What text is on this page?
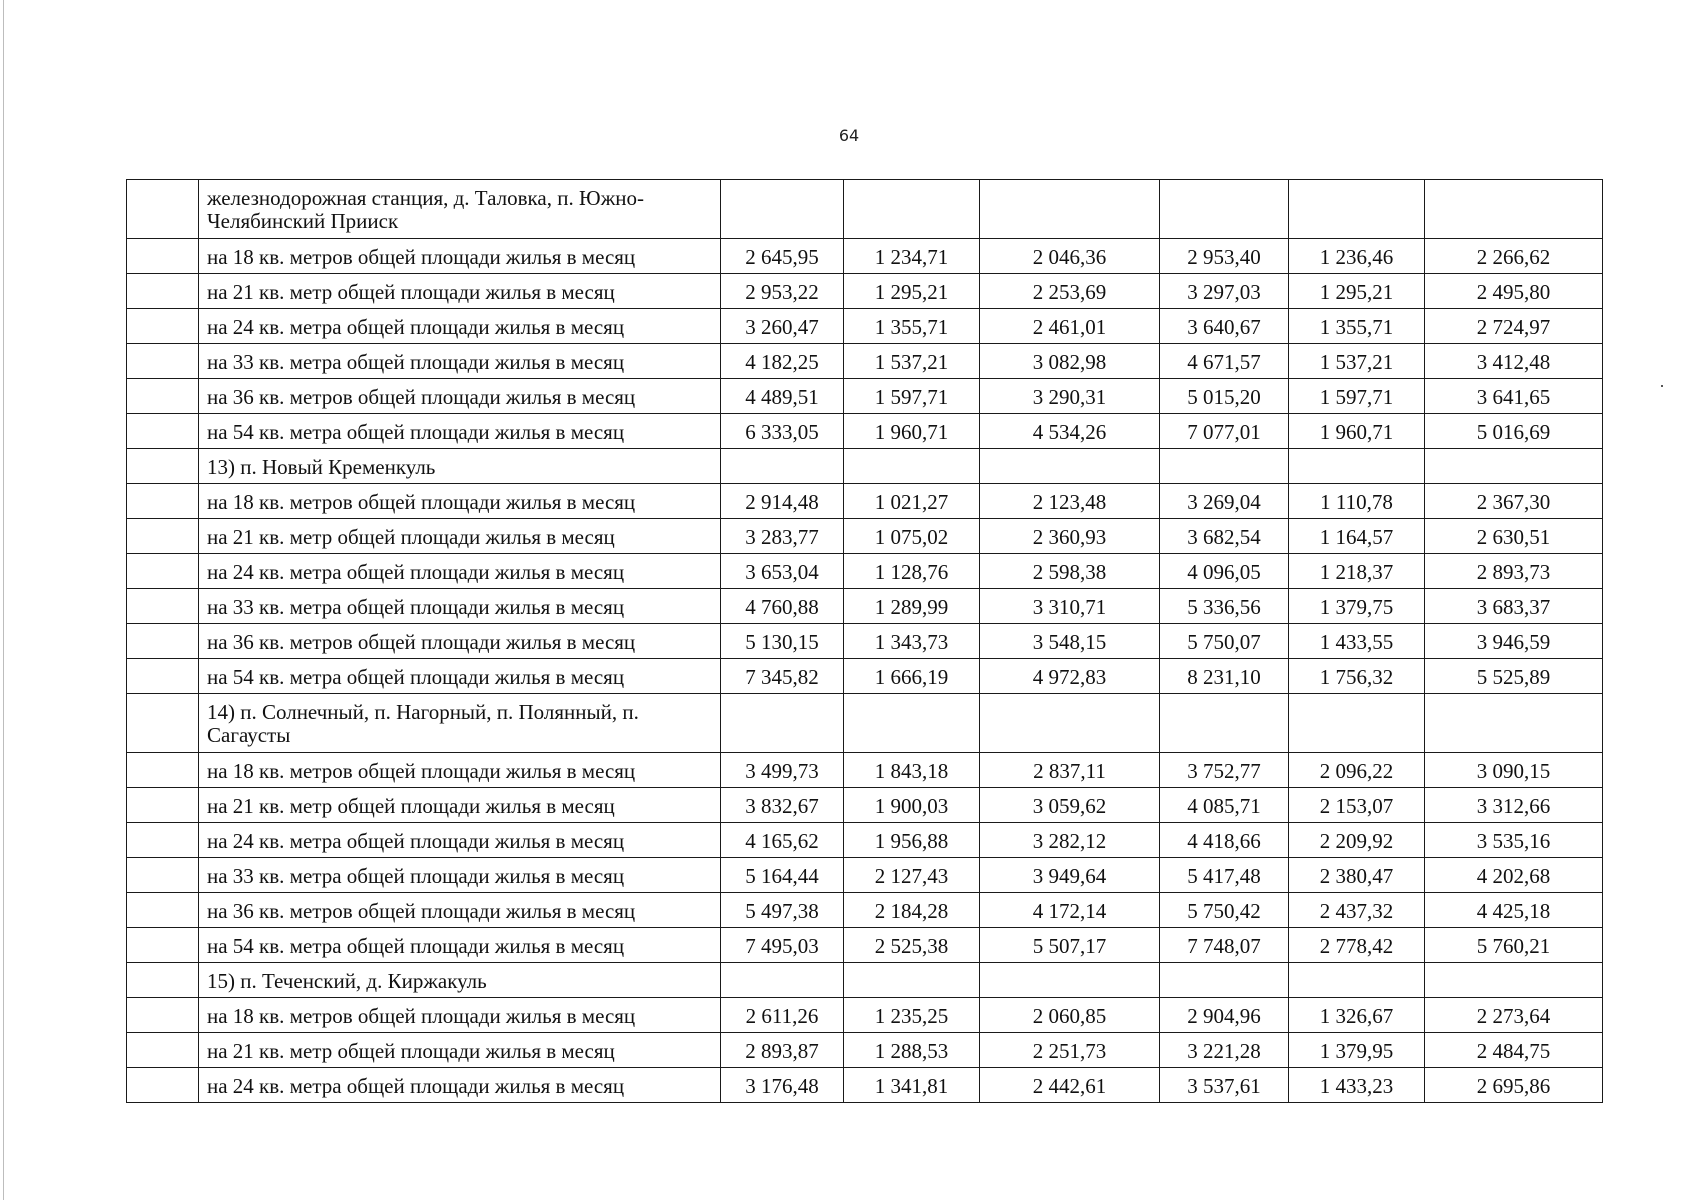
64
	железнодорожная станция, д. Таловка, п. Южно-Челябинский Прииск						
	на 18 кв. метров общей площади жилья в месяц	2 645,95	1 234,71	2 046,36	2 953,40	1 236,46	2 266,62
	на 21 кв. метр общей площади жилья в месяц	2 953,22	1 295,21	2 253,69	3 297,03	1 295,21	2 495,80
	на 24 кв. метра общей площади жилья в месяц	3 260,47	1 355,71	2 461,01	3 640,67	1 355,71	2 724,97
	на 33 кв. метра общей площади жилья в месяц	4 182,25	1 537,21	3 082,98	4 671,57	1 537,21	3 412,48
	на 36 кв. метров общей площади жилья в месяц	4 489,51	1 597,71	3 290,31	5 015,20	1 597,71	3 641,65
	на 54 кв. метра общей площади жилья в месяц	6 333,05	1 960,71	4 534,26	7 077,01	1 960,71	5 016,69
	13) п. Новый Кременкуль						
	на 18 кв. метров общей площади жилья в месяц	2 914,48	1 021,27	2 123,48	3 269,04	1 110,78	2 367,30
	на 21 кв. метр общей площади жилья в месяц	3 283,77	1 075,02	2 360,93	3 682,54	1 164,57	2 630,51
	на 24 кв. метра общей площади жилья в месяц	3 653,04	1 128,76	2 598,38	4 096,05	1 218,37	2 893,73
	на 33 кв. метра общей площади жилья в месяц	4 760,88	1 289,99	3 310,71	5 336,56	1 379,75	3 683,37
	на 36 кв. метров общей площади жилья в месяц	5 130,15	1 343,73	3 548,15	5 750,07	1 433,55	3 946,59
	на 54 кв. метра общей площади жилья в месяц	7 345,82	1 666,19	4 972,83	8 231,10	1 756,32	5 525,89
	14) п. Солнечный, п. Нагорный, п. Полянный, п. Сагаусты						
	на 18 кв. метров общей площади жилья в месяц	3 499,73	1 843,18	2 837,11	3 752,77	2 096,22	3 090,15
	на 21 кв. метр общей площади жилья в месяц	3 832,67	1 900,03	3 059,62	4 085,71	2 153,07	3 312,66
	на 24 кв. метра общей площади жилья в месяц	4 165,62	1 956,88	3 282,12	4 418,66	2 209,92	3 535,16
	на 33 кв. метра общей площади жилья в месяц	5 164,44	2 127,43	3 949,64	5 417,48	2 380,47	4 202,68
	на 36 кв. метров общей площади жилья в месяц	5 497,38	2 184,28	4 172,14	5 750,42	2 437,32	4 425,18
	на 54 кв. метра общей площади жилья в месяц	7 495,03	2 525,38	5 507,17	7 748,07	2 778,42	5 760,21
	15) п. Теченский, д. Киржакуль						
	на 18 кв. метров общей площади жилья в месяц	2 611,26	1 235,25	2 060,85	2 904,96	1 326,67	2 273,64
	на 21 кв. метр общей площади жилья в месяц	2 893,87	1 288,53	2 251,73	3 221,28	1 379,95	2 484,75
	на 24 кв. метра общей площади жилья в месяц	3 176,48	1 341,81	2 442,61	3 537,61	1 433,23	2 695,86
